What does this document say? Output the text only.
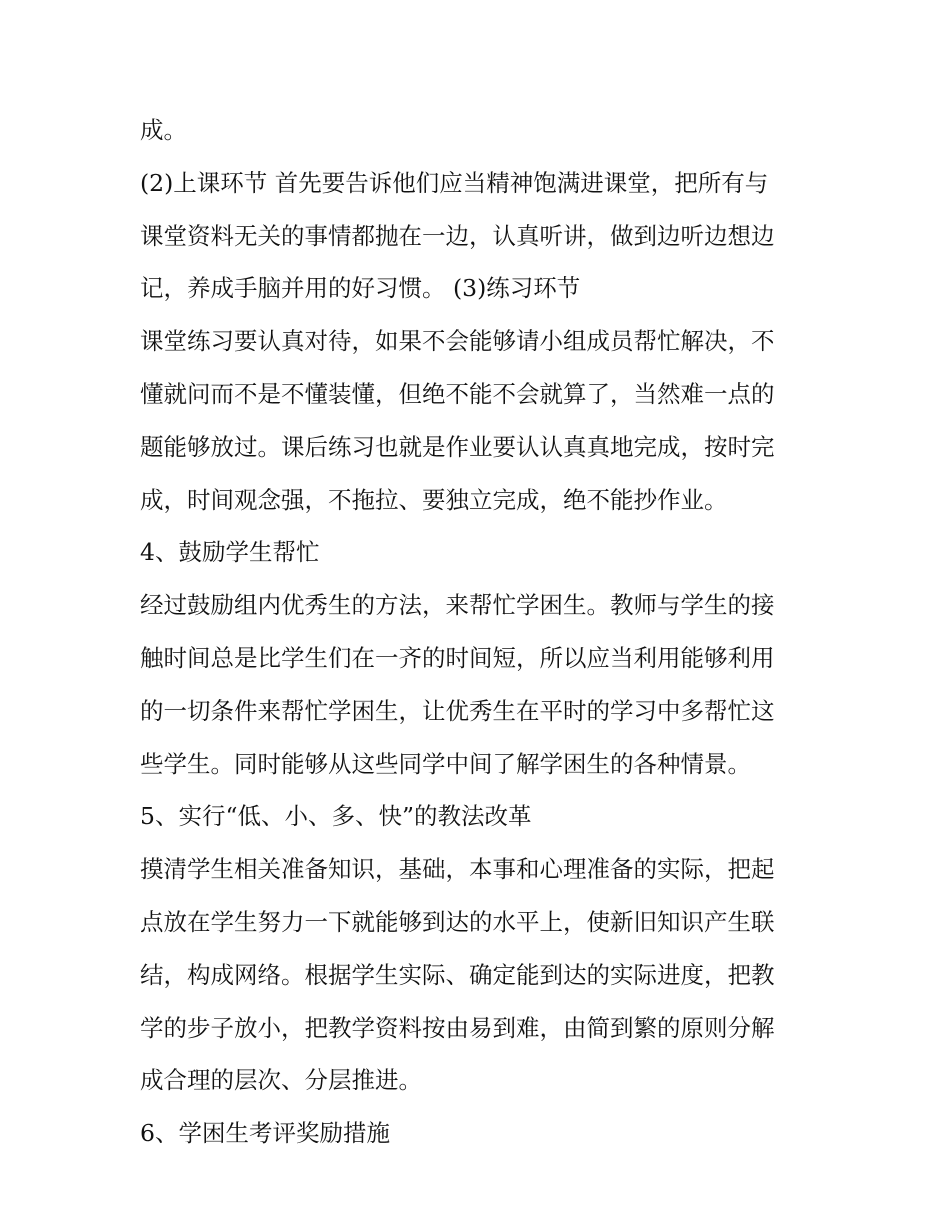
成。
(2)上课环节 首先要告诉他们应当精神饱满进课堂，把所有与
课堂资料无关的事情都抛在一边，认真听讲，做到边听边想边
记，养成手脑并用的好习惯。 (3)练习环节
课堂练习要认真对待，如果不会能够请小组成员帮忙解决，不
懂就问而不是不懂装懂，但绝不能不会就算了，当然难一点的
题能够放过。课后练习也就是作业要认认真真地完成，按时完
成，时间观念强，不拖拉、要独立完成，绝不能抄作业。
4、鼓励学生帮忙
经过鼓励组内优秀生的方法，来帮忙学困生。教师与学生的接
触时间总是比学生们在一齐的时间短，所以应当利用能够利用
的一切条件来帮忙学困生，让优秀生在平时的学习中多帮忙这
些学生。同时能够从这些同学中间了解学困生的各种情景。
5、实行“低、小、多、快”的教法改革
摸清学生相关准备知识，基础，本事和心理准备的实际，把起
点放在学生努力一下就能够到达的水平上，使新旧知识产生联
结，构成网络。根据学生实际、确定能到达的实际进度，把教
学的步子放小，把教学资料按由易到难，由简到繁的原则分解
成合理的层次、分层推进。
6、学困生考评奖励措施
